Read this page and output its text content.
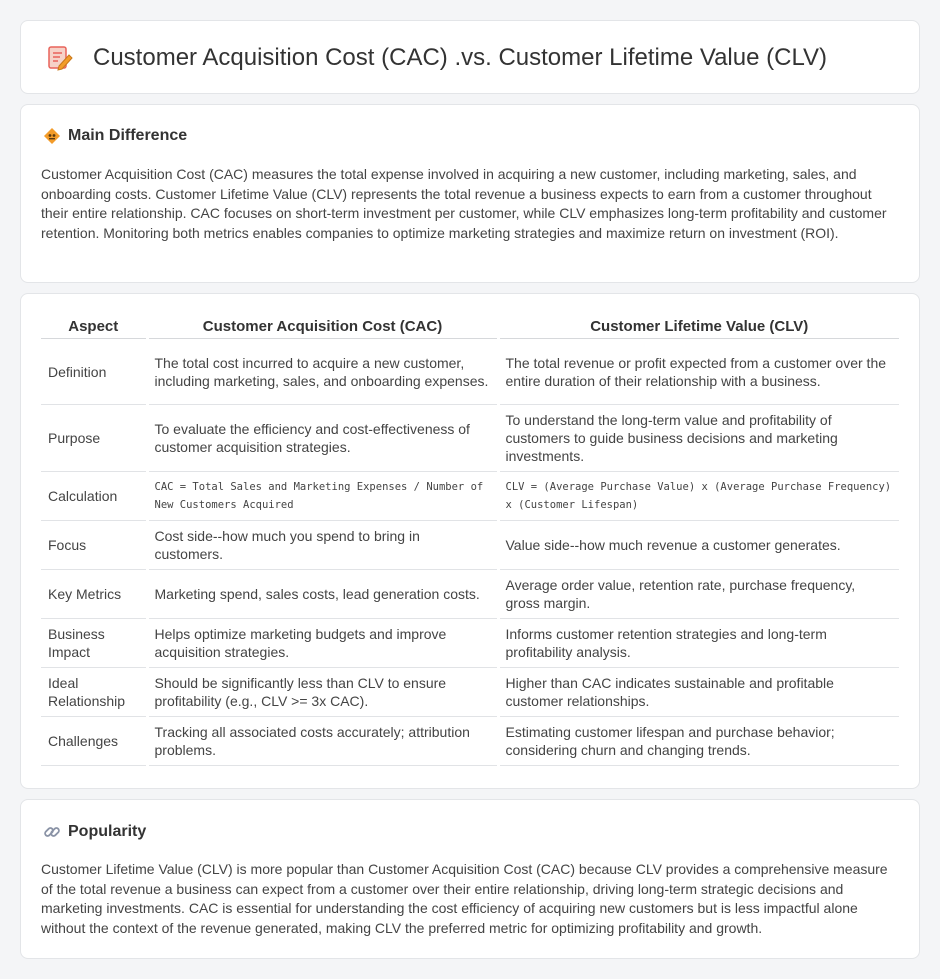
Customer Acquisition Cost (CAC) .vs. Customer Lifetime Value (CLV)
Main Difference

Customer Acquisition Cost (CAC) measures the total expense involved in acquiring a new customer, including marketing, sales, and onboarding costs. Customer Lifetime Value (CLV) represents the total revenue a business expects to earn from a customer throughout their entire relationship. CAC focuses on short-term investment per customer, while CLV emphasizes long-term profitability and customer retention. Monitoring both metrics enables companies to optimize marketing strategies and maximize return on investment (ROI).

Aspect	Customer Acquisition Cost (CAC)	Customer Lifetime Value (CLV)
Definition	The total cost incurred to acquire a new customer, including marketing, sales, and onboarding expenses.	The total revenue or profit expected from a customer over the entire duration of their relationship with a business.
Purpose	To evaluate the efficiency and cost-effectiveness of customer acquisition strategies.	To understand the long-term value and profitability of customers to guide business decisions and marketing investments.
Calculation	CAC = Total Sales and Marketing Expenses / Number of New Customers Acquired	CLV = (Average Purchase Value) x (Average Purchase Frequency) x (Customer Lifespan)
Focus	Cost side--how much you spend to bring in customers.	Value side--how much revenue a customer generates.
Key Metrics	Marketing spend, sales costs, lead generation costs.	Average order value, retention rate, purchase frequency, gross margin.
Business Impact	Helps optimize marketing budgets and improve acquisition strategies.	Informs customer retention strategies and long-term profitability analysis.
Ideal Relationship	Should be significantly less than CLV to ensure profitability (e.g., CLV >= 3x CAC).	Higher than CAC indicates sustainable and profitable customer relationships.
Challenges	Tracking all associated costs accurately; attribution problems.	Estimating customer lifespan and purchase behavior; considering churn and changing trends.
Popularity

Customer Lifetime Value (CLV) is more popular than Customer Acquisition Cost (CAC) because CLV provides a comprehensive measure of the total revenue a business can expect from a customer over their entire relationship, driving long-term strategic decisions and marketing investments. CAC is essential for understanding the cost efficiency of acquiring new customers but is less impactful alone without the context of the revenue generated, making CLV the preferred metric for optimizing profitability and growth.
